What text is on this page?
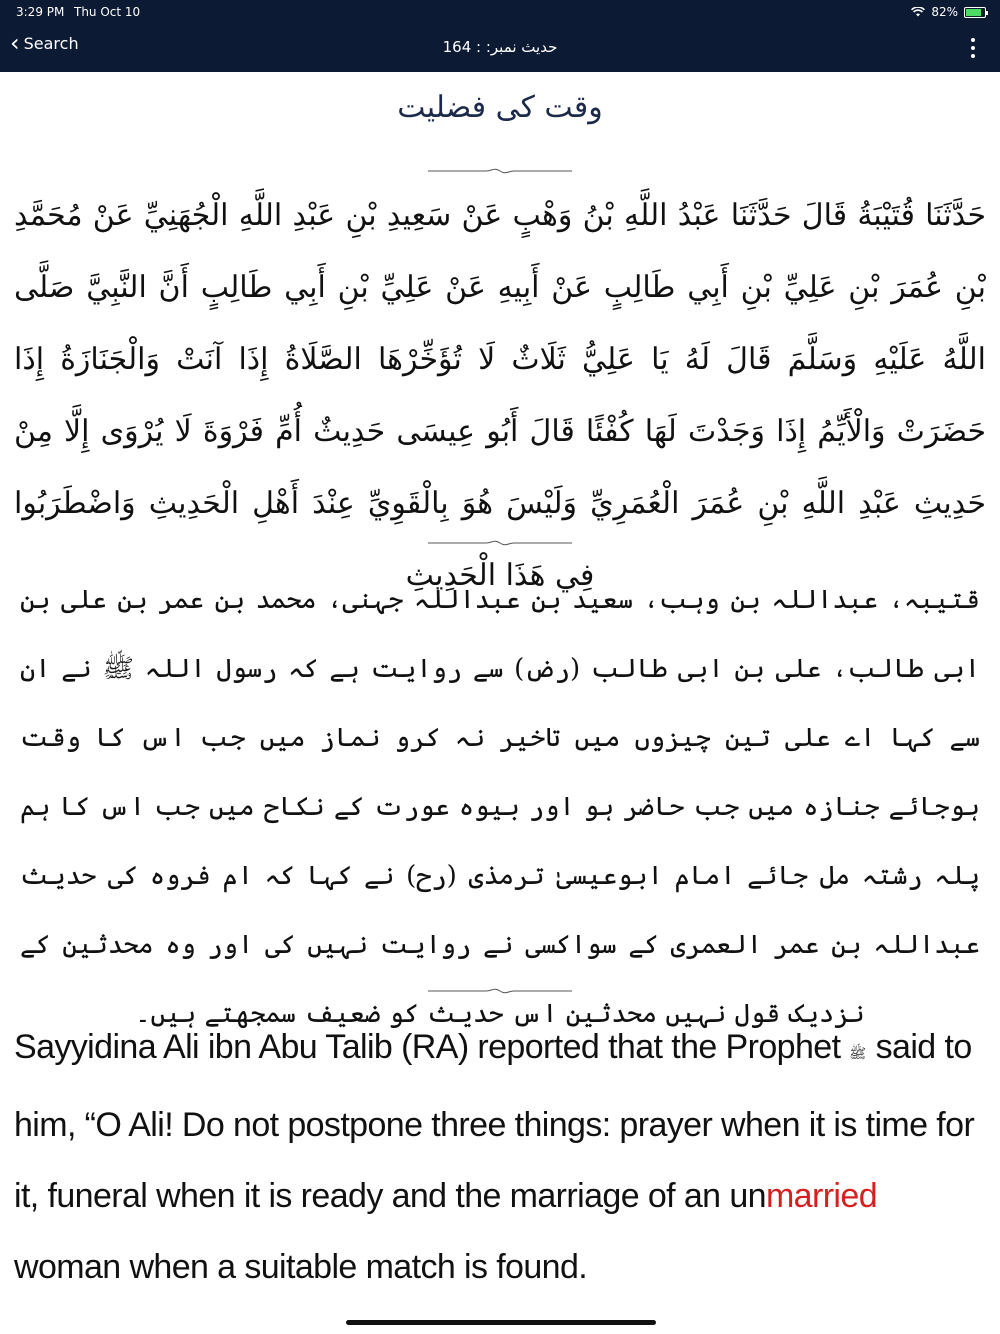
3:29 PM Thu Oct 10	82%
‹ Search	حدیث نمبر: : 164
وقت کی فضلیت
حَدَّثَنَا قُتَيْبَةُ قَالَ حَدَّثَنَا عَبْدُ اللَّهِ بْنُ وَهْبٍ عَنْ سَعِيدِ بْنِ عَبْدِ اللَّهِ الْجُهَنِيِّ عَنْ مُحَمَّدِ بْنِ عُمَرَ بْنِ عَلِيِّ بْنِ أَبِي طَالِبٍ عَنْ أَبِيهِ عَنْ عَلِيِّ بْنِ أَبِي طَالِبٍ أَنَّ النَّبِيَّ صَلَّى اللَّهُ عَلَيْهِ وَسَلَّمَ قَالَ لَهُ يَا عَلِيُّ ثَلَاثٌ لَا تُؤَخِّرْهَا الصَّلَاةُ إِذَا آنَتْ وَالْجَنَازَةُ إِذَا حَضَرَتْ وَالْأَيِّمُ إِذَا وَجَدْتَ لَهَا كُفْئًا قَالَ أَبُو عِيسَى حَدِيثٌ أُمِّ فَرْوَةَ لَا يُرْوَى إِلَّا مِنْ حَدِيثِ عَبْدِ اللَّهِ بْنِ عُمَرَ الْعُمَرِيِّ وَلَيْسَ هُوَ بِالْقَوِيِّ عِنْدَ أَهْلِ الْحَدِيثِ وَاضْطَرَبُوا فِي هَذَا الْحَدِيثِ
قتیبہ، عبداللہ بن وہب، سعید بن عبداللہ جہنی، محمد بن عمر بن علی بن ابی طالب، علی بن ابی طالب (رض) سے روایت ہے کہ رسول اللہ ﷺ نے ان سے کہا اے علی تین چیزوں میں تاخیر نہ کرو نماز میں جب اس کا وقت ہوجائے جنازہ میں جب حاضر ہو اور بیوہ عورت کے نکاح میں جب اس کا ہم پلہ رشتہ مل جائے امام ابوعیسیٰ ترمذی (رح) نے کہا کہ ام فروہ کی حدیث عبداللہ بن عمر العمری کے سواکسی نے روایت نہیں کی اور وہ محدثین کے نزدیک قول نہیں محدثین اس حدیث کو ضعیف سمجھتے ہیں۔
Sayyidina Ali ibn Abu Talib (RA) reported that the Prophet ﷺ said to him, “O Ali! Do not postpone three things: prayer when it is time for it, funeral when it is ready and the marriage of an unmarried woman when a suitable match is found.
